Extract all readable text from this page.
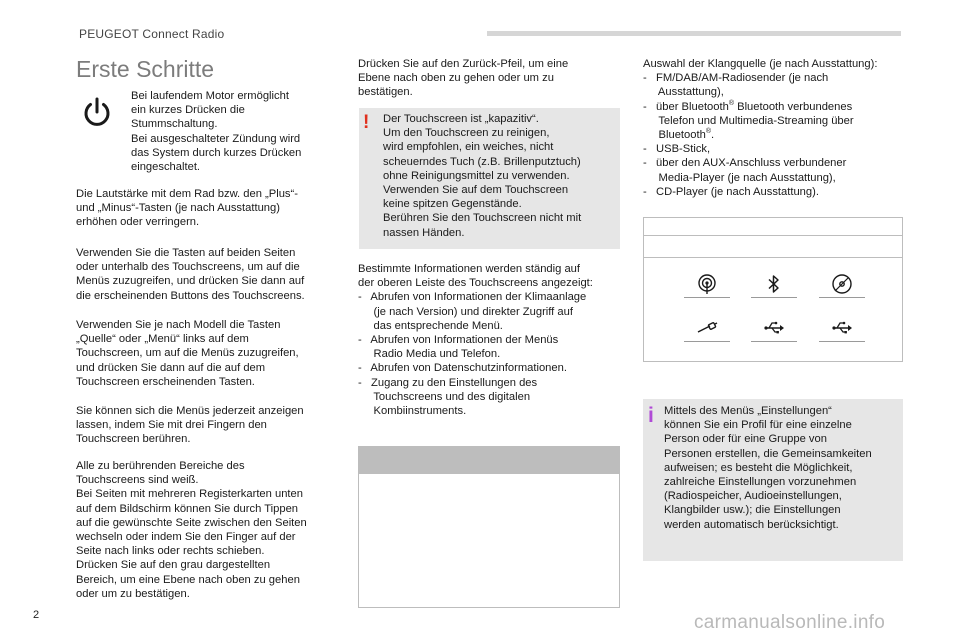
PEUGEOT Connect Radio
Erste Schritte
Bei laufendem Motor ermöglicht
ein kurzes Drücken die
Stummschaltung.
Bei ausgeschalteter Zündung wird
das System durch kurzes Drücken
eingeschaltet.
Die Lautstärke mit dem Rad bzw. den „Plus“-
und „Minus“-Tasten (je nach Ausstattung)
erhöhen oder verringern.
Verwenden Sie die Tasten auf beiden Seiten
oder unterhalb des Touchscreens, um auf die
Menüs zuzugreifen, und drücken Sie dann auf
die erscheinenden Buttons des Touchscreens.
Verwenden Sie je nach Modell die Tasten
„Quelle“ oder „Menü“ links auf dem
Touchscreen, um auf die Menüs zuzugreifen,
und drücken Sie dann auf die auf dem
Touchscreen erscheinenden Tasten.
Sie können sich die Menüs jederzeit anzeigen
lassen, indem Sie mit drei Fingern den
Touchscreen berühren.
Alle zu berührenden Bereiche des
Touchscreens sind weiß.
Bei Seiten mit mehreren Registerkarten unten
auf dem Bildschirm können Sie durch Tippen
auf die gewünschte Seite zwischen den Seiten
wechseln oder indem Sie den Finger auf der
Seite nach links oder rechts schieben.
Drücken Sie auf den grau dargestellten
Bereich, um eine Ebene nach oben zu gehen
oder um zu bestätigen.
Drücken Sie auf den Zurück-Pfeil, um eine
Ebene nach oben zu gehen oder um zu
bestätigen.
! Der Touchscreen ist „kapazitiv“.
Um den Touchscreen zu reinigen,
wird empfohlen, ein weiches, nicht
scheuerndes Tuch (z.B. Brillenputztuch)
ohne Reinigungsmittel zu verwenden.
Verwenden Sie auf dem Touchscreen
keine spitzen Gegenstände.
Berühren Sie den Touchscreen nicht mit
nassen Händen.
Bestimmte Informationen werden ständig auf
der oberen Leiste des Touchscreens angezeigt:
-   Abrufen von Informationen der Klimaanlage
(je nach Version) und direkter Zugriff auf
das entsprechende Menü.
-   Abrufen von Informationen der Menüs
Radio Media und Telefon.
-   Abrufen von Datenschutzinformationen.
-   Zugang zu den Einstellungen des
Touchscreens und des digitalen
Kombiinstruments.
Auswahl der Klangquelle (je nach Ausstattung):
-   FM/DAB/AM-Radiosender (je nach
Ausstattung),
-   über Bluetooth® Bluetooth verbundenes
Telefon und Multimedia-Streaming über
Bluetooth®.
-   USB-Stick,
-   über den AUX-Anschluss verbundener
Media-Player (je nach Ausstattung),
-   CD-Player (je nach Ausstattung).
i Mittels des Menüs „Einstellungen“
können Sie ein Profil für eine einzelne
Person oder für eine Gruppe von
Personen erstellen, die Gemeinsamkeiten
aufweisen; es besteht die Möglichkeit,
zahlreiche Einstellungen vorzunehmen
(Radiospeicher, Audioeinstellungen,
Klangbilder usw.); die Einstellungen
werden automatisch berücksichtigt.
2	carmanualsonline.info
